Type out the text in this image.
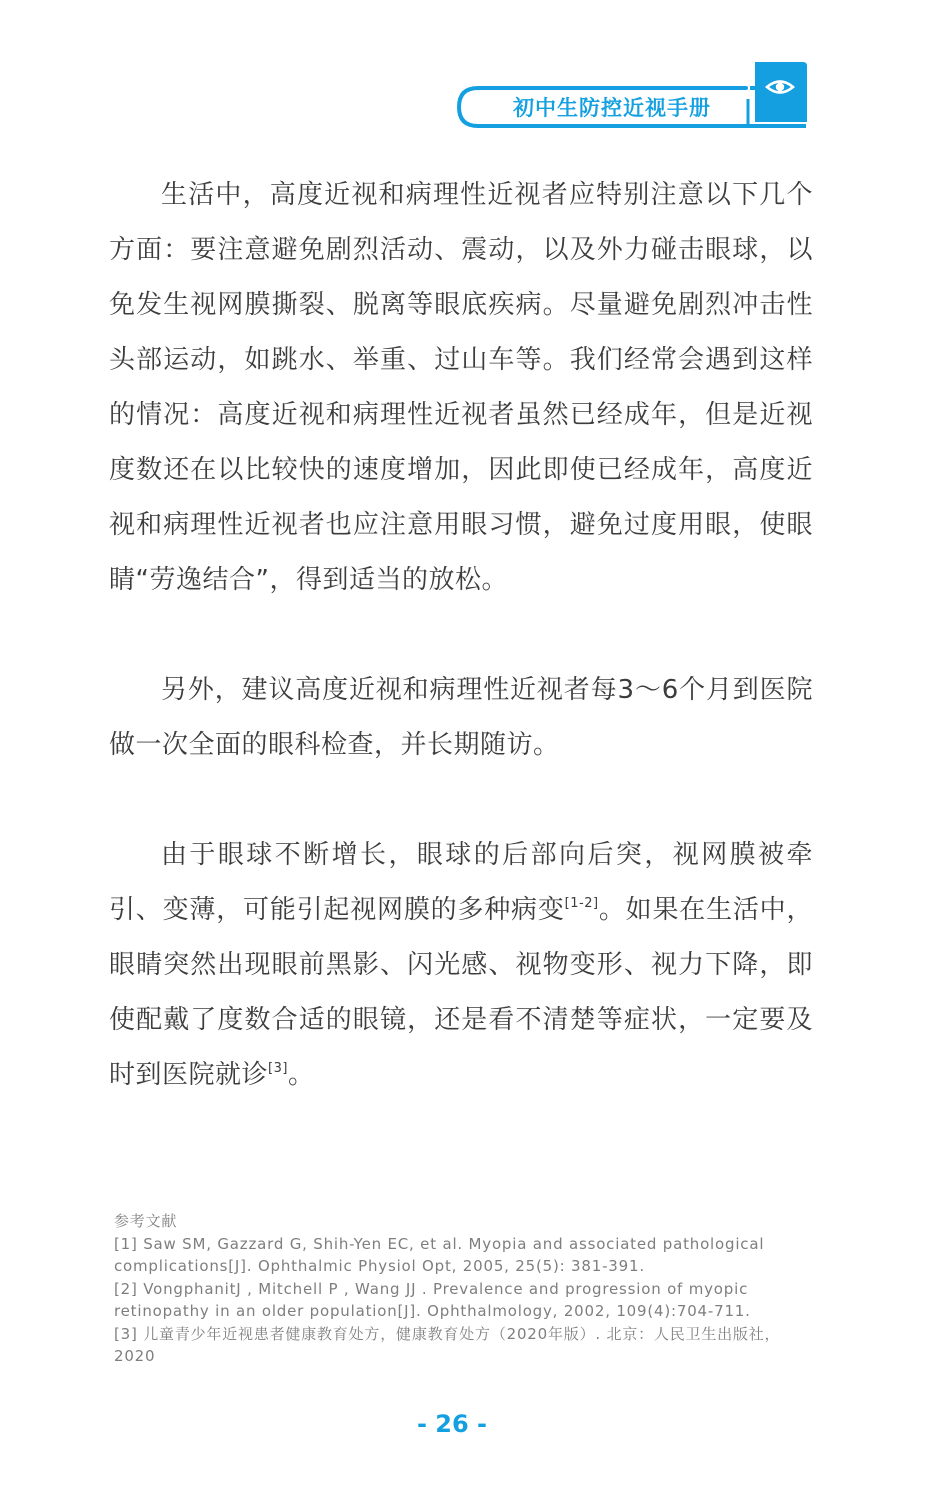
初中生防控近视手册

生活中，高度近视和病理性近视者应特别注意以下几个方面：要注意避免剧烈活动、震动，以及外力碰击眼球，以免发生视网膜撕裂、脱离等眼底疾病。尽量避免剧烈冲击性头部运动，如跳水、举重、过山车等。我们经常会遇到这样的情况：高度近视和病理性近视者虽然已经成年，但是近视度数还在以比较快的速度增加，因此即使已经成年，高度近视和病理性近视者也应注意用眼习惯，避免过度用眼，使眼睛“劳逸结合”，得到适当的放松。

另外，建议高度近视和病理性近视者每3～6个月到医院做一次全面的眼科检查，并长期随访。

由于眼球不断增长，眼球的后部向后突，视网膜被牵引、变薄，可能引起视网膜的多种病变[1-2]。如果在生活中，眼睛突然出现眼前黑影、闪光感、视物变形、视力下降，即使配戴了度数合适的眼镜，还是看不清楚等症状，一定要及时到医院就诊[3]。

参考文献
[1] Saw SM, Gazzard G, Shih-Yen EC, et al. Myopia and associated pathological complications[J]. Ophthalmic Physiol Opt, 2005, 25(5): 381-391.
[2] VongphanitJ , Mitchell P , Wang JJ . Prevalence and progression of myopic retinopathy in an older population[J]. Ophthalmology, 2002, 109(4):704-711.
[3] 儿童青少年近视患者健康教育处方，健康教育处方（2020年版）. 北京：人民卫生出版社，2020
- 26 -
